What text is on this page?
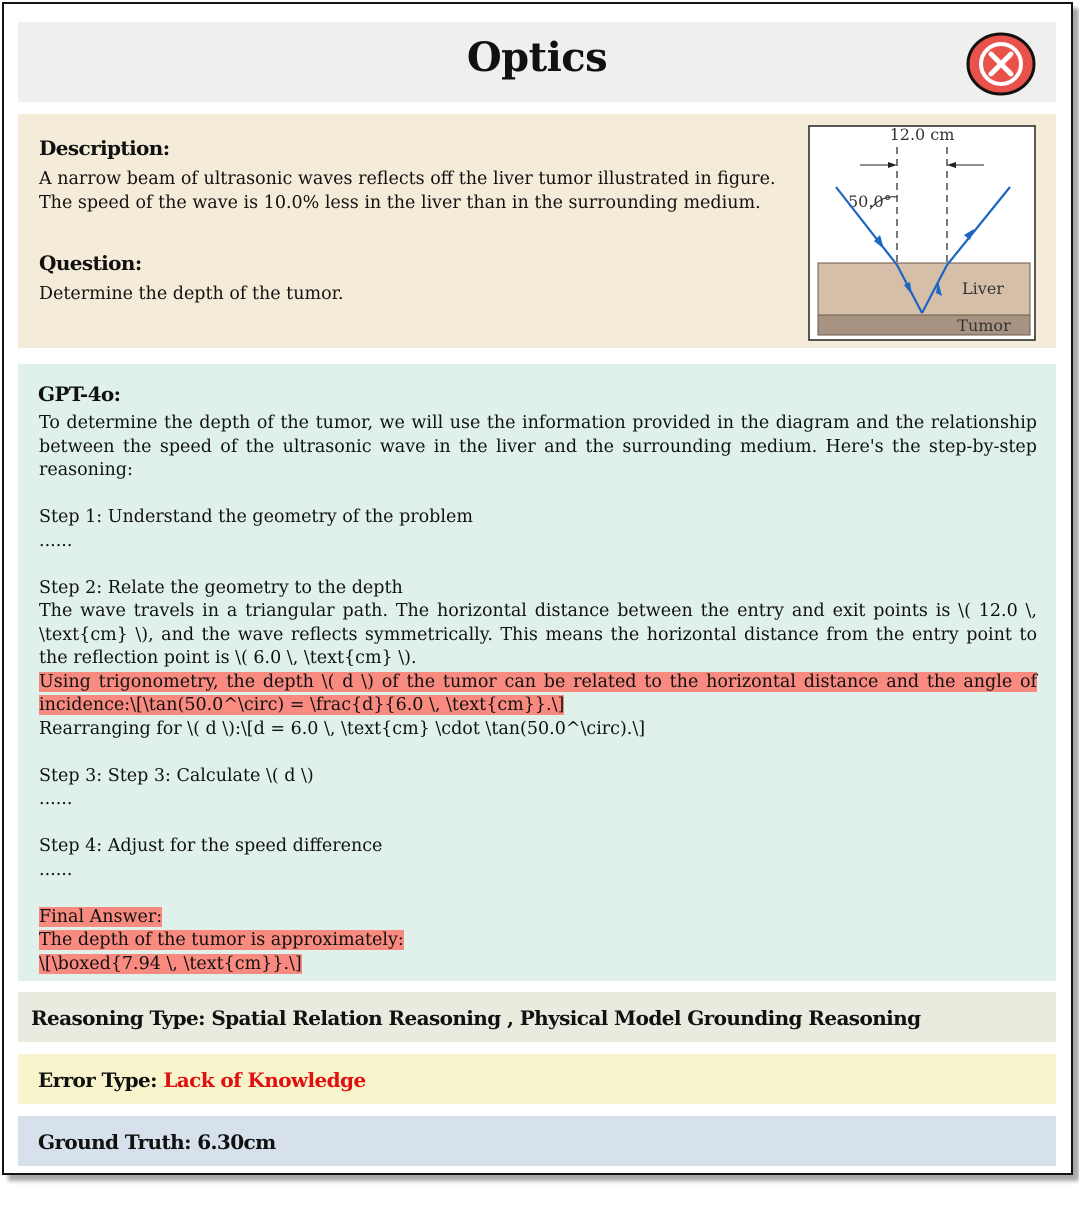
Optics
Description:
A narrow beam of ultrasonic waves reflects off the liver tumor illustrated in figure. The speed of the wave is 10.0% less in the liver than in the surrounding medium.
Question:
Determine the depth of the tumor.
12.0 cm
50.0°
Liver
Tumor
GPT-4o:
To determine the depth of the tumor, we will use the information provided in the diagram and the relationship between the speed of the ultrasonic wave in the liver and the surrounding medium. Here's the step-by-step reasoning:
Step 1: Understand the geometry of the problem
......
Step 2: Relate the geometry to the depth
The wave travels in a triangular path. The horizontal distance between the entry and exit points is \( 12.0 \, \text{cm} \), and the wave reflects symmetrically. This means the horizontal distance from the entry point to the reflection point is \( 6.0 \, \text{cm} \).
Using trigonometry, the depth \( d \) of the tumor can be related to the horizontal distance and the angle of incidence:\[\tan(50.0^\circ) = \frac{d}{6.0 \, \text{cm}}.\]
Rearranging for \( d \):\[d = 6.0 \, \text{cm} \cdot \tan(50.0^\circ).\]
Step 3: Step 3: Calculate \( d \)
......
Step 4: Adjust for the speed difference
......
Final Answer:
The depth of the tumor is approximately:
\[\boxed{7.94 \, \text{cm}}.\]
Reasoning Type: Spatial Relation Reasoning , Physical Model Grounding Reasoning
Error Type: Lack of Knowledge
Ground Truth: 6.30cm
